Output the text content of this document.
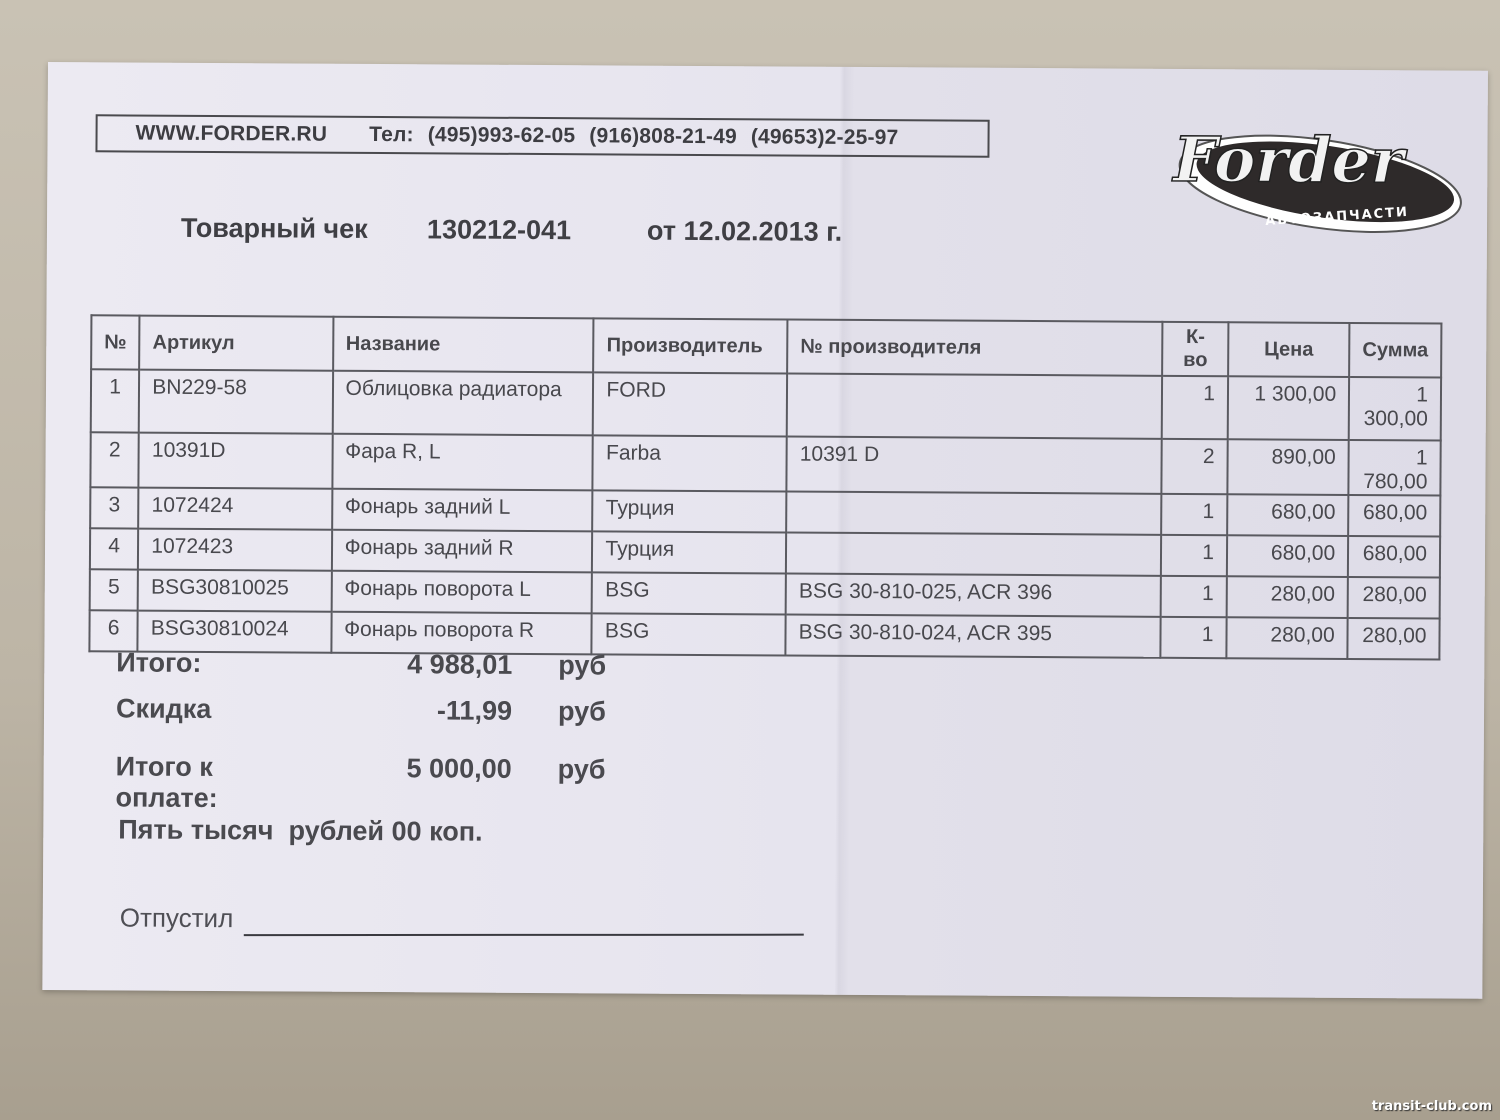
WWW.FORDER.RU Тел: (495)993-62-05 (916)808-21-49 (49653)2-25-97	Forder
АВТОЗАПЧАСТИ
Товарный чек	130212-041	от 12.02.2013 г.
№	Артикул	Название	Производитель	№ производителя	К-во	Цена	Сумма
1	BN229-58	Облицовка радиатора	FORD		1	1 300,00	1 300,00
2	10391D	Фара R, L	Farba	10391 D	2	890,00	1 780,00
3	1072424	Фонарь задний L	Турция		1	680,00	680,00
4	1072423	Фонарь задний R	Турция		1	680,00	680,00
5	BSG30810025	Фонарь поворота L	BSG	BSG 30-810-025, ACR 396	1	280,00	280,00
6	BSG30810024	Фонарь поворота R	BSG	BSG 30-810-024, ACR 395	1	280,00	280,00
Итого:	4 988,01 руб
Скидка	-11,99 руб
Итого к оплате:
5 000,00 руб
Пять тысяч  рублей 00 коп.
Отпустил
transit-club.com
